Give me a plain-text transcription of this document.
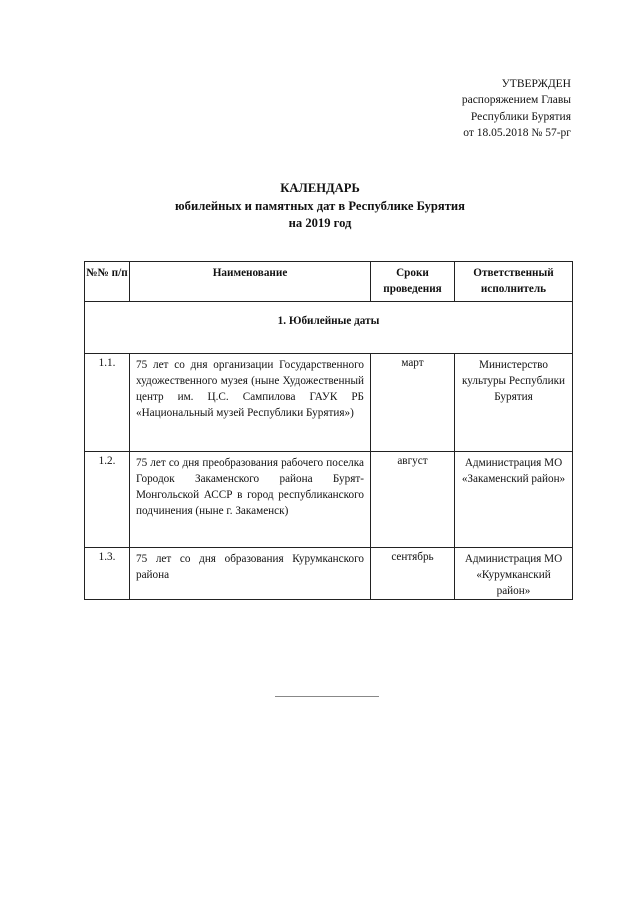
УТВЕРЖДЕН
распоряжением Главы
Республики Бурятия
от 18.05.2018 № 57-рг
КАЛЕНДАРЬ
юбилейных и памятных дат в Республике Бурятия
на 2019 год
№№ п/п	Наименование	Сроки проведения	Ответственный исполнитель
1. Юбилейные даты			
1.1.	75 лет со дня организации Государственного художественного музея (ныне Художественный центр им. Ц.С. Сампилова ГАУК РБ «Национальный музей Республики Бурятия»)	март	Министерство культуры Республики Бурятия
1.2.	75 лет со дня преобразования рабочего поселка Городок Закаменского района Бурят-Монгольской АССР в город республиканского подчинения (ныне г. Закаменск)	август	Администрация МО «Закаменский район»
1.3.	75 лет со дня образования Курумканского района	сентябрь	Администрация МО «Курумканский район»
